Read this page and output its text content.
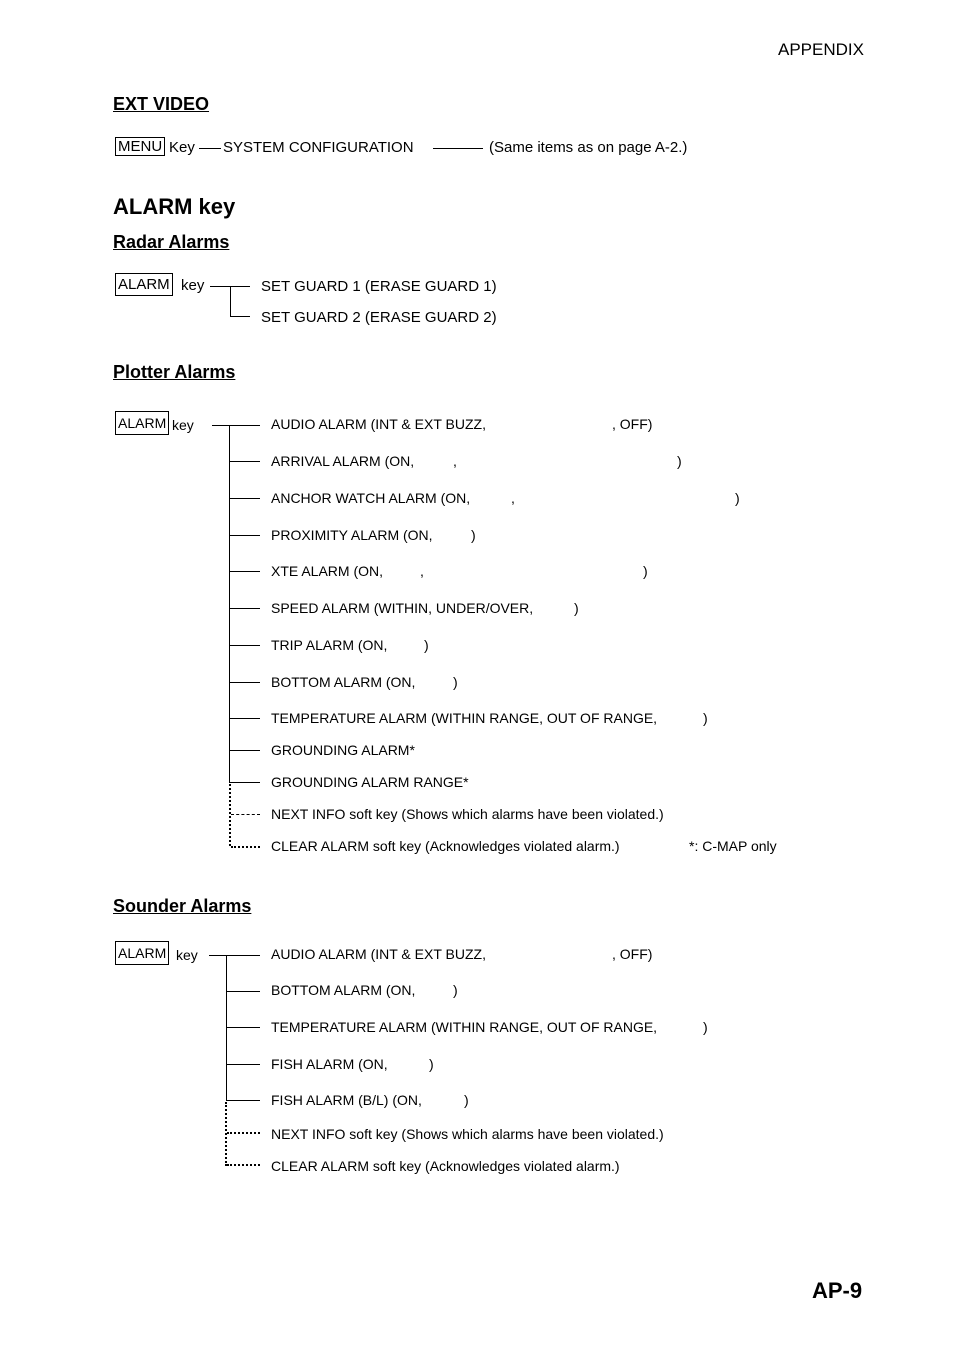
APPENDIX
EXT VIDEO
MENU Key SYSTEM CONFIGURATION	(Same items as on page A-2.)
ALARM key
Radar Alarms
ALARM key	SET GUARD 1 (ERASE GUARD 1)
SET GUARD 2 (ERASE GUARD 2)
Plotter Alarms
ALARM key	AUDIO ALARM (INT & EXT BUZZ,	, OFF)
ARRIVAL ALARM (ON,	,	)
ANCHOR WATCH ALARM (ON,	,	)
PROXIMITY ALARM (ON,	)
XTE ALARM (ON,	,	)
SPEED ALARM (WITHIN, UNDER/OVER,	)
TRIP ALARM (ON,	)
BOTTOM ALARM (ON,	)
TEMPERATURE ALARM (WITHIN RANGE, OUT OF RANGE,	)
GROUNDING ALARM*
GROUNDING ALARM RANGE*
NEXT INFO soft key (Shows which alarms have been violated.)
CLEAR ALARM soft key (Acknowledges violated alarm.)	*: C-MAP only
Sounder Alarms
ALARM key	AUDIO ALARM (INT & EXT BUZZ,	, OFF)
BOTTOM ALARM (ON,	)
TEMPERATURE ALARM (WITHIN RANGE, OUT OF RANGE,	)
FISH ALARM (ON,	)
FISH ALARM (B/L) (ON,	)
NEXT INFO soft key (Shows which alarms have been violated.)
CLEAR ALARM soft key (Acknowledges violated alarm.)
AP-9
